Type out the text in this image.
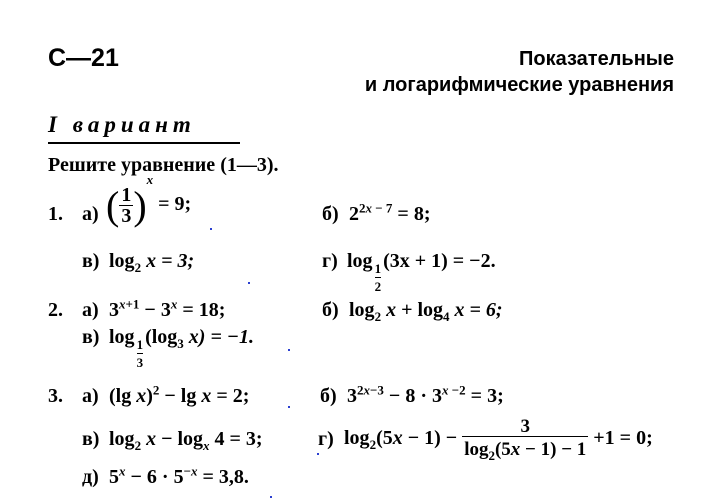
С—21	Показательные
и логарифмические уравнения
I вариант
Решите уравнение (1—3).
1. а) ( $\frac{1}{3} )^x = 9$;	б) $2^{2x - 7} = 8$;
в) $\log_2 x = 3$;	г) log
$\frac{1}{2}$
(3x + 1) = −2.
2. а) $3^{x+1} - 3^x = 18$;	б) $\log_2 x + \log_4 x = 6$;
в) log
$\frac{1}{3}$
($\log_3$ x) = −1.
3. а) (lg x)$^2$ − lg x = 2;	б) $3^{2x-3} - 8 \cdot 3^{x -2} = 3$;
в) $\log_2 x - \log_x 4 = 3$;	г) $\log_2(5x - 1) - \frac{3}{\log_2(5x - 1) - 1} +1 = 0$;
д) $5^x - 6 \cdot 5^{-x} = 3,8$.
